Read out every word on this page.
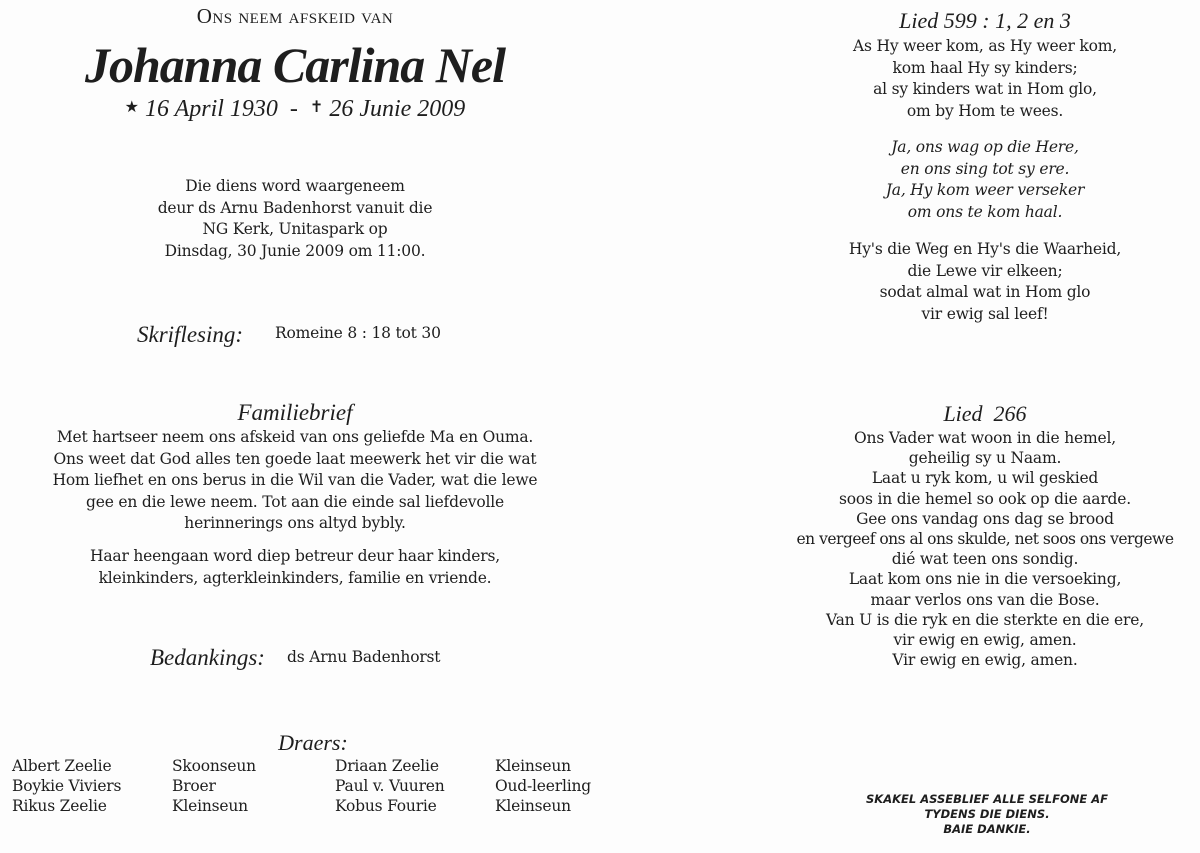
Ons neem afskeid van
Johanna Carlina Nel
★ 16 April 1930 - ✝ 26 Junie 2009
Die diens word waargeneem
deur ds Arnu Badenhorst vanuit die
NG Kerk, Unitaspark op
Dinsdag, 30 Junie 2009 om 11:00.
Skriflesing: Romeine 8 : 18 tot 30
Familiebrief
Met hartseer neem ons afskeid van ons geliefde Ma en Ouma.
Ons weet dat God alles ten goede laat meewerk het vir die wat
Hom liefhet en ons berus in die Wil van die Vader, wat die lewe
gee en die lewe neem. Tot aan die einde sal liefdevolle
herinnerings ons altyd bybly.
Haar heengaan word diep betreur deur haar kinders,
kleinkinders, agterkleinkinders, familie en vriende.
Bedankings: ds Arnu Badenhorst
Draers:
Albert Zeelie	Skoonseun	Driaan Zeelie	Kleinseun
Boykie Viviers	Broer	Paul v. Vuuren	Oud-leerling
Rikus Zeelie	Kleinseun	Kobus Fourie	Kleinseun
Lied 599 : 1, 2 en 3
As Hy weer kom, as Hy weer kom,
kom haal Hy sy kinders;
al sy kinders wat in Hom glo,
om by Hom te wees.
Ja, ons wag op die Here,
en ons sing tot sy ere.
Ja, Hy kom weer verseker
om ons te kom haal.
Hy's die Weg en Hy's die Waarheid,
die Lewe vir elkeen;
sodat almal wat in Hom glo
vir ewig sal leef!
Lied  266
Ons Vader wat woon in die hemel,
geheilig sy u Naam.
Laat u ryk kom, u wil geskied
soos in die hemel so ook op die aarde.
Gee ons vandag ons dag se brood
en vergeef ons al ons skulde, net soos ons vergewe
dié wat teen ons sondig.
Laat kom ons nie in die versoeking,
maar verlos ons van die Bose.
Van U is die ryk en die sterkte en die ere,
vir ewig en ewig, amen.
Vir ewig en ewig, amen.
SKAKEL ASSEBLIEF ALLE SELFONE AF
TYDENS DIE DIENS.
BAIE DANKIE.
